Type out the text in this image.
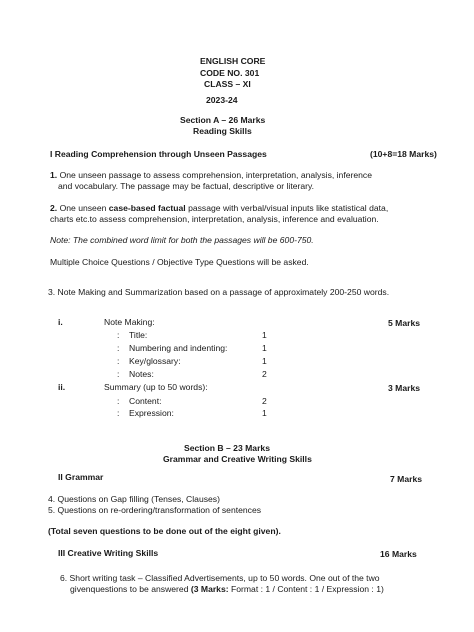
ENGLISH CORE
CODE NO. 301
CLASS – XI
2023-24
Section A – 26 Marks
Reading Skills
I Reading Comprehension through Unseen Passages	(10+8=18 Marks)
1. One unseen passage to assess comprehension, interpretation, analysis, inference
and vocabulary. The passage may be factual, descriptive or literary.
2. One unseen case-based factual passage with verbal/visual inputs like statistical data,
charts etc.to assess comprehension, interpretation, analysis, inference and evaluation.
Note: The combined word limit for both the passages will be 600-750.
Multiple Choice Questions / Objective Type Questions will be asked.
3. Note Making and Summarization based on a passage of approximately 200-250 words.
i.	Note Making:	5 Marks
: Title:	1
: Numbering and indenting:	1
: Key/glossary:	1
: Notes:	2
ii.	Summary (up to 50 words):	3 Marks
: Content:	2
: Expression:	1
Section B – 23 Marks
Grammar and Creative Writing Skills
II Grammar	7 Marks
4. Questions on Gap filling (Tenses, Clauses)
5. Questions on re-ordering/transformation of sentences
(Total seven questions to be done out of the eight given).
III Creative Writing Skills	16 Marks
6. Short writing task – Classified Advertisements, up to 50 words. One out of the two
givenquestions to be answered (3 Marks: Format : 1 / Content : 1 / Expression : 1)
